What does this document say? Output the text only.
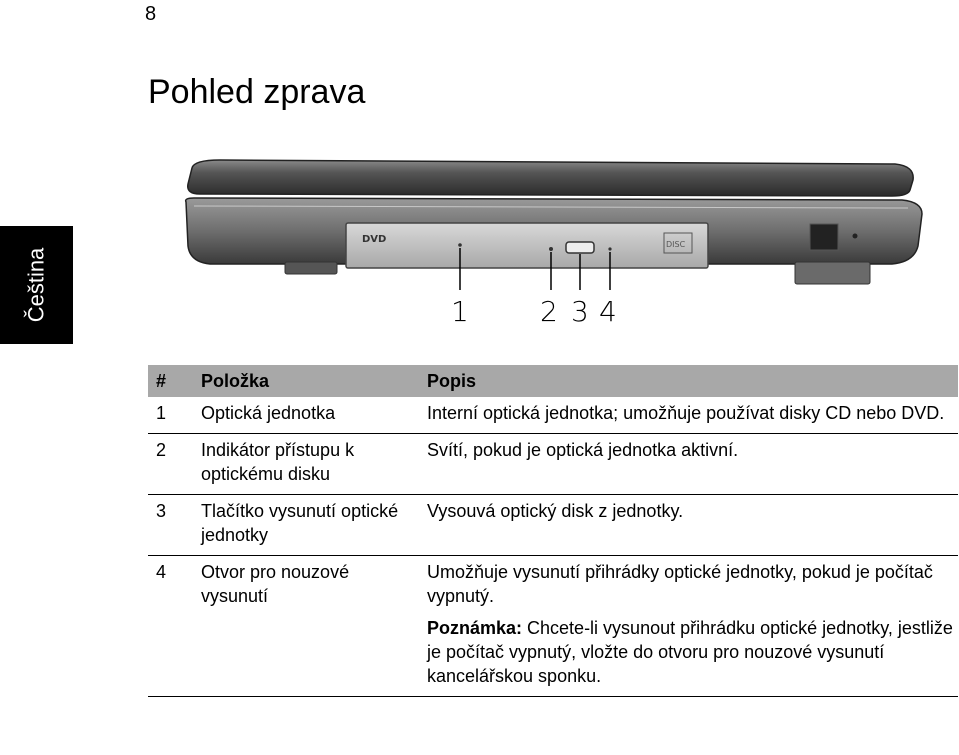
8
Čeština
Pohled zprava
DVD	DISC
1	2 3 4
#	Položka	Popis
1	Optická jednotka	Interní optická jednotka; umožňuje používat disky CD nebo DVD.

2	Indikátor přístupu k optickému disku	Svítí, pokud je optická jednotka aktivní.

3	Tlačítko vysunutí optické jednotky	Vysouvá optický disk z jednotky.

4	Otvor pro nouzové vysunutí	Umožňuje vysunutí přihrádky optické jednotky, pokud je počítač vypnutý.

Poznámka: Chcete-li vysunout přihrádku optické jednotky, jestliže je počítač vypnutý, vložte do otvoru pro nouzové vysunutí kancelářskou sponku.
